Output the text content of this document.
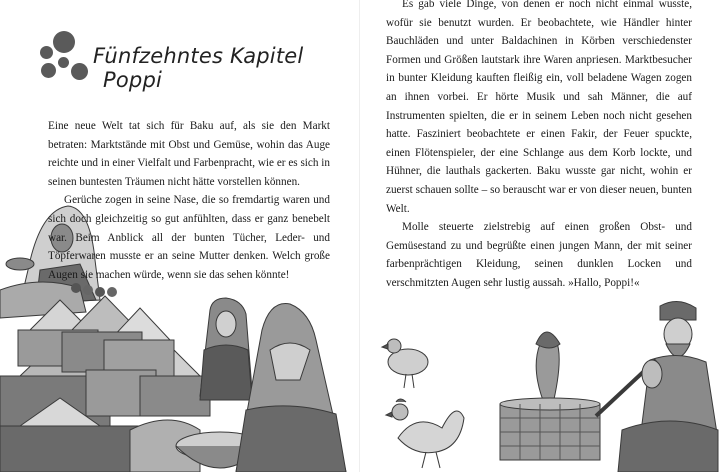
Fünfzehntes Kapitel
Poppi

Eine neue Welt tat sich für Baku auf, als sie den Markt betraten: Marktstände mit Obst und Gemüse, wohin das Auge reichte und in einer Vielfalt und Farbenpracht, wie er es sich in seinen buntesten Träumen nicht hätte vorstellen können.

Gerüche zogen in seine Nase, die so fremdartig waren und sich doch gleichzeitig so gut anfühlten, dass er ganz benebelt war. Beim Anblick all der bunten Tücher, Leder- und Töpferwaren musste er an seine Mutter denken. Welch große Augen sie machen würde, wenn sie das sehen könnte!

Es gab viele Dinge, von denen er noch nicht einmal wusste, wofür sie benutzt wurden. Er beobachtete, wie Händler hinter Bauchläden und unter Baldachinen in Körben verschiedenster Formen und Größen lautstark ihre Waren anpriesen. Marktbesucher in bunter Kleidung kauften fleißig ein, voll beladene Wagen zogen an ihnen vorbei. Er hörte Musik und sah Männer, die auf Instrumenten spielten, die er in seinem Leben noch nicht gesehen hatte. Fasziniert beobachtete er einen Fakir, der Feuer spuckte, einen Flötenspieler, der eine Schlange aus dem Korb lockte, und Hühner, die lauthals gackerten. Baku wusste gar nicht, wohin er zuerst schauen sollte – so berauscht war er von dieser neuen, bunten Welt.

Molle steuerte zielstrebig auf einen großen Obst- und Gemüsestand zu und begrüßte einen jungen Mann, der mit seiner farbenprächtigen Kleidung, seinen dunklen Locken und verschmitzten Augen sehr lustig aussah. »Hallo, Poppi!«
